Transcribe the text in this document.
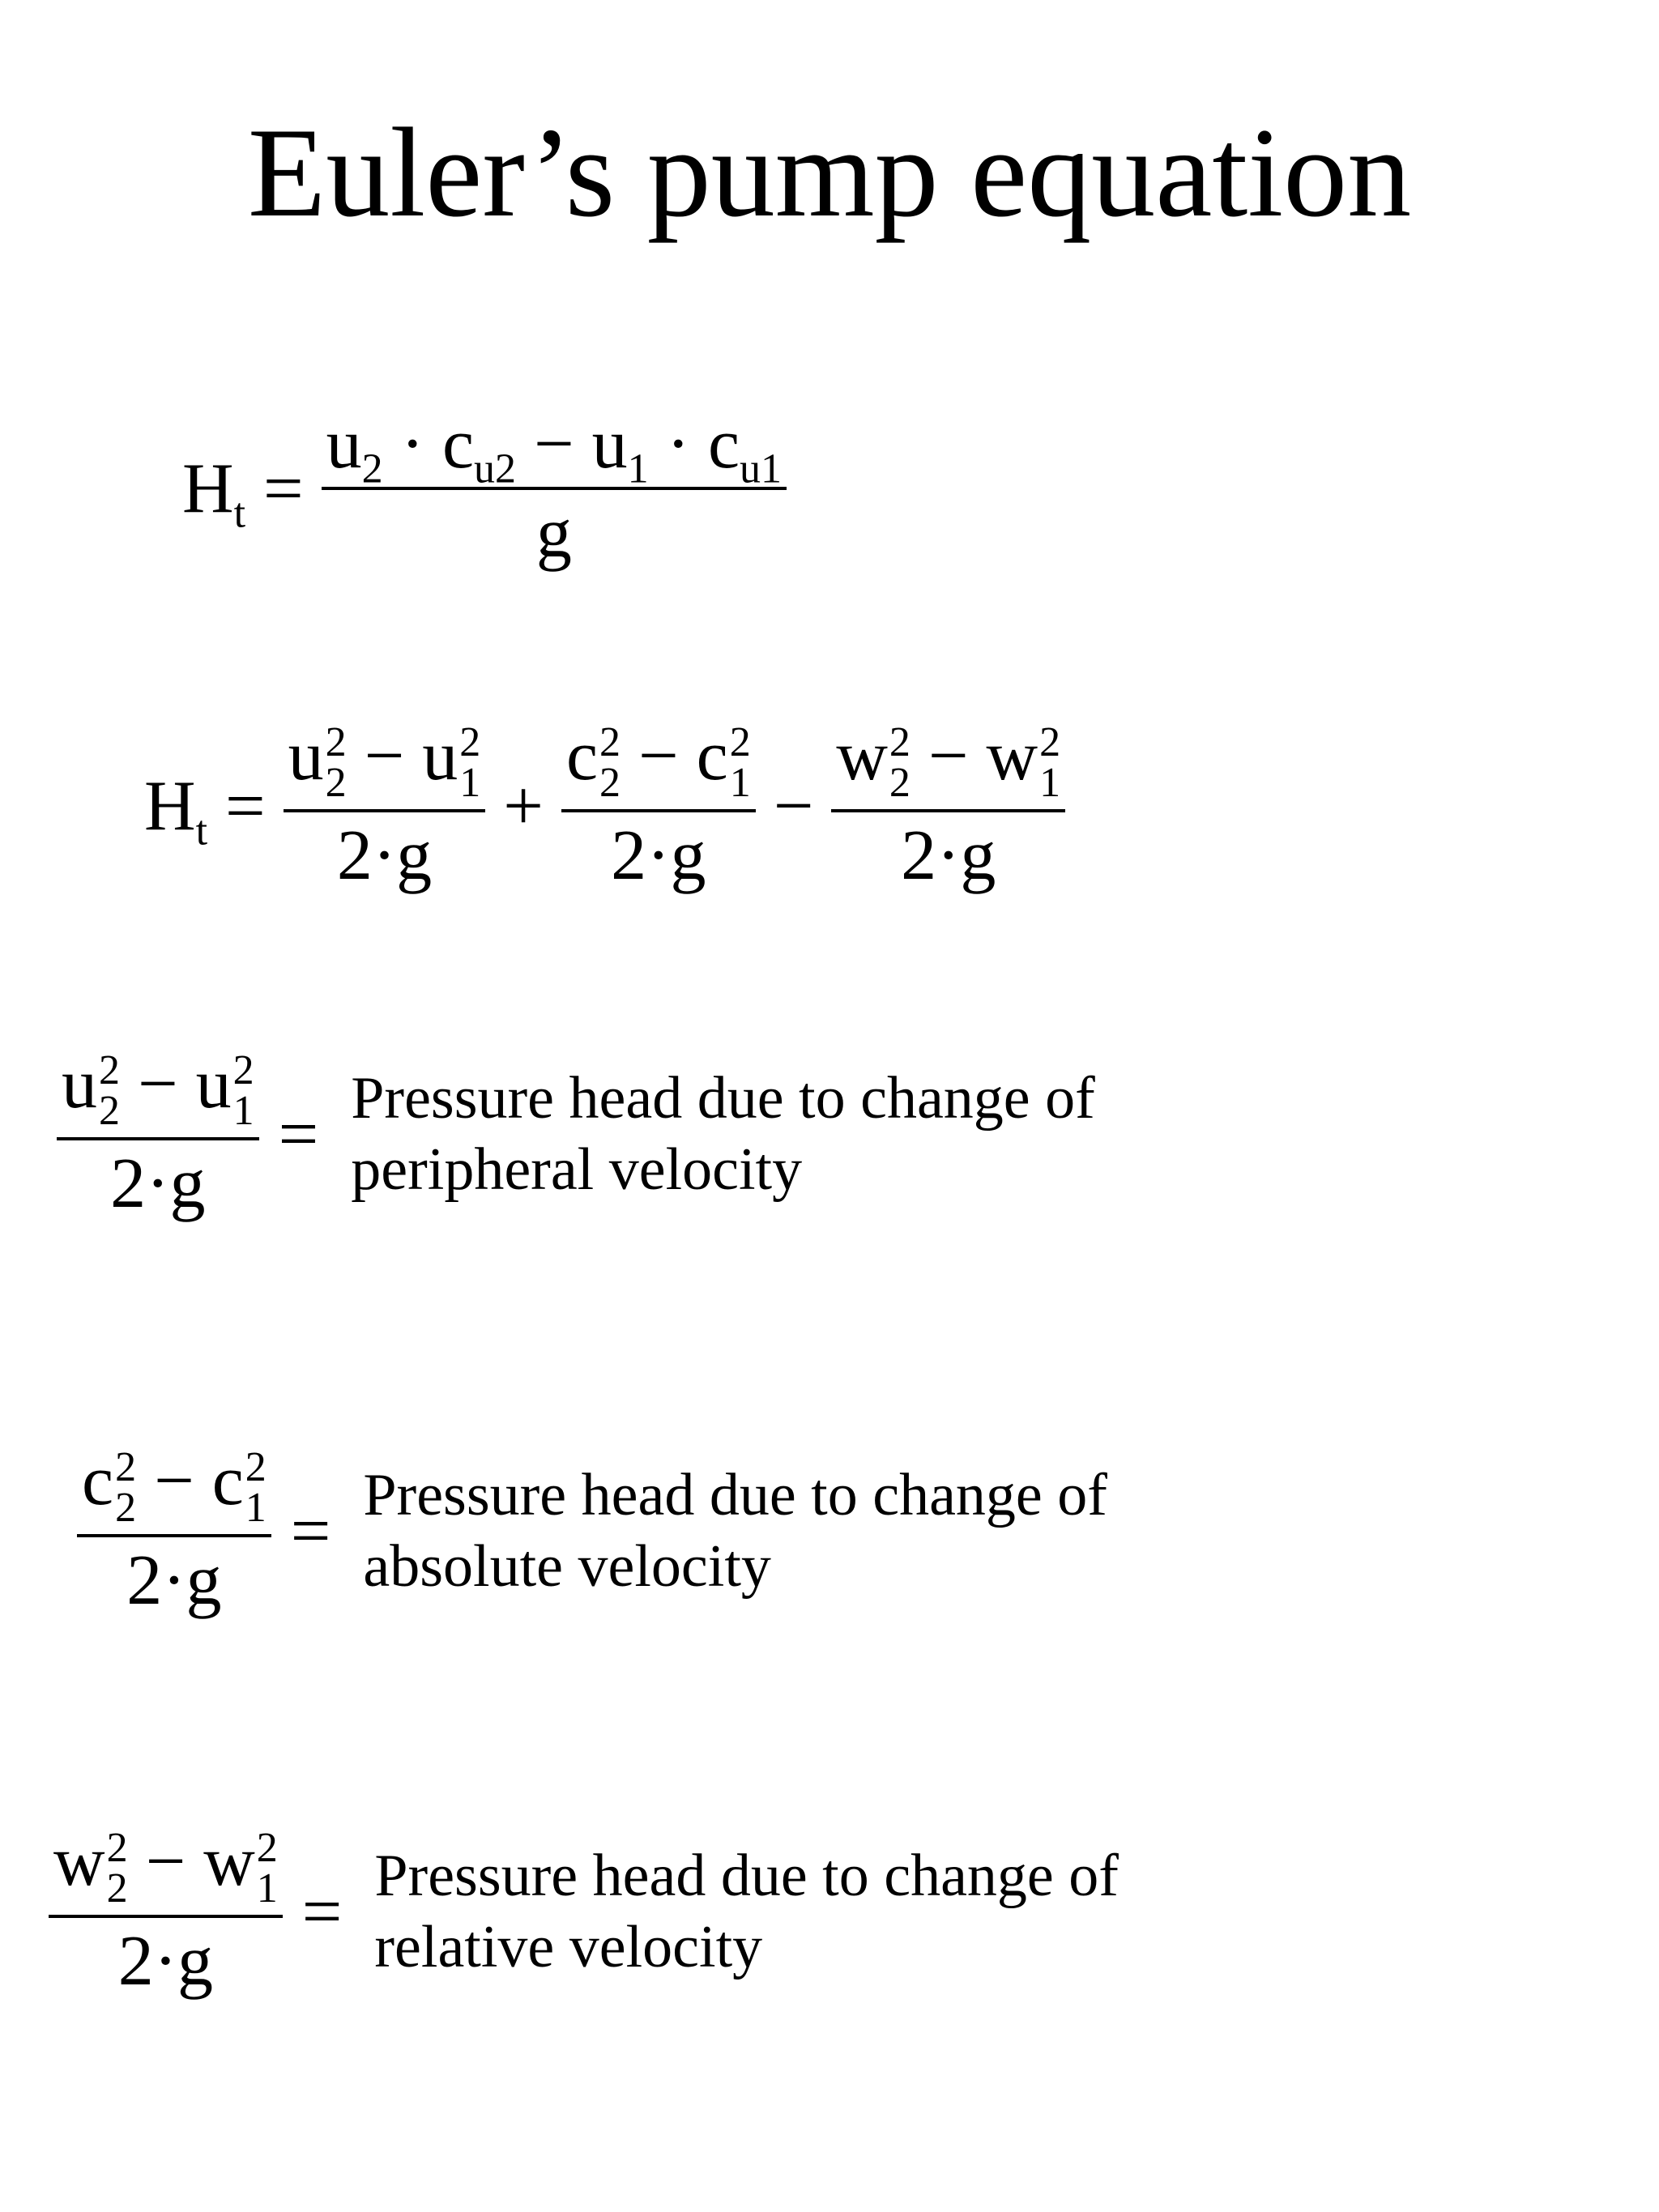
Euler’s pump equation
$H_t = \frac{u_2 \cdot c_{u2} - u_1 \cdot c_{u1}}{g}$
$H_t = u$ 2
2 − u 2
1
2·g + c 2
2 − c 2
1
2·g − w 2
2 − w 2
1
2·g
u 2
2 − u 2
1
2·g = Pressure head due to change of
peripheral velocity
c 2
2 − c 2
1
2·g = Pressure head due to change of
absolute velocity
w 2
2 − w 2
1
2·g = Pressure head due to change of
relative velocity
